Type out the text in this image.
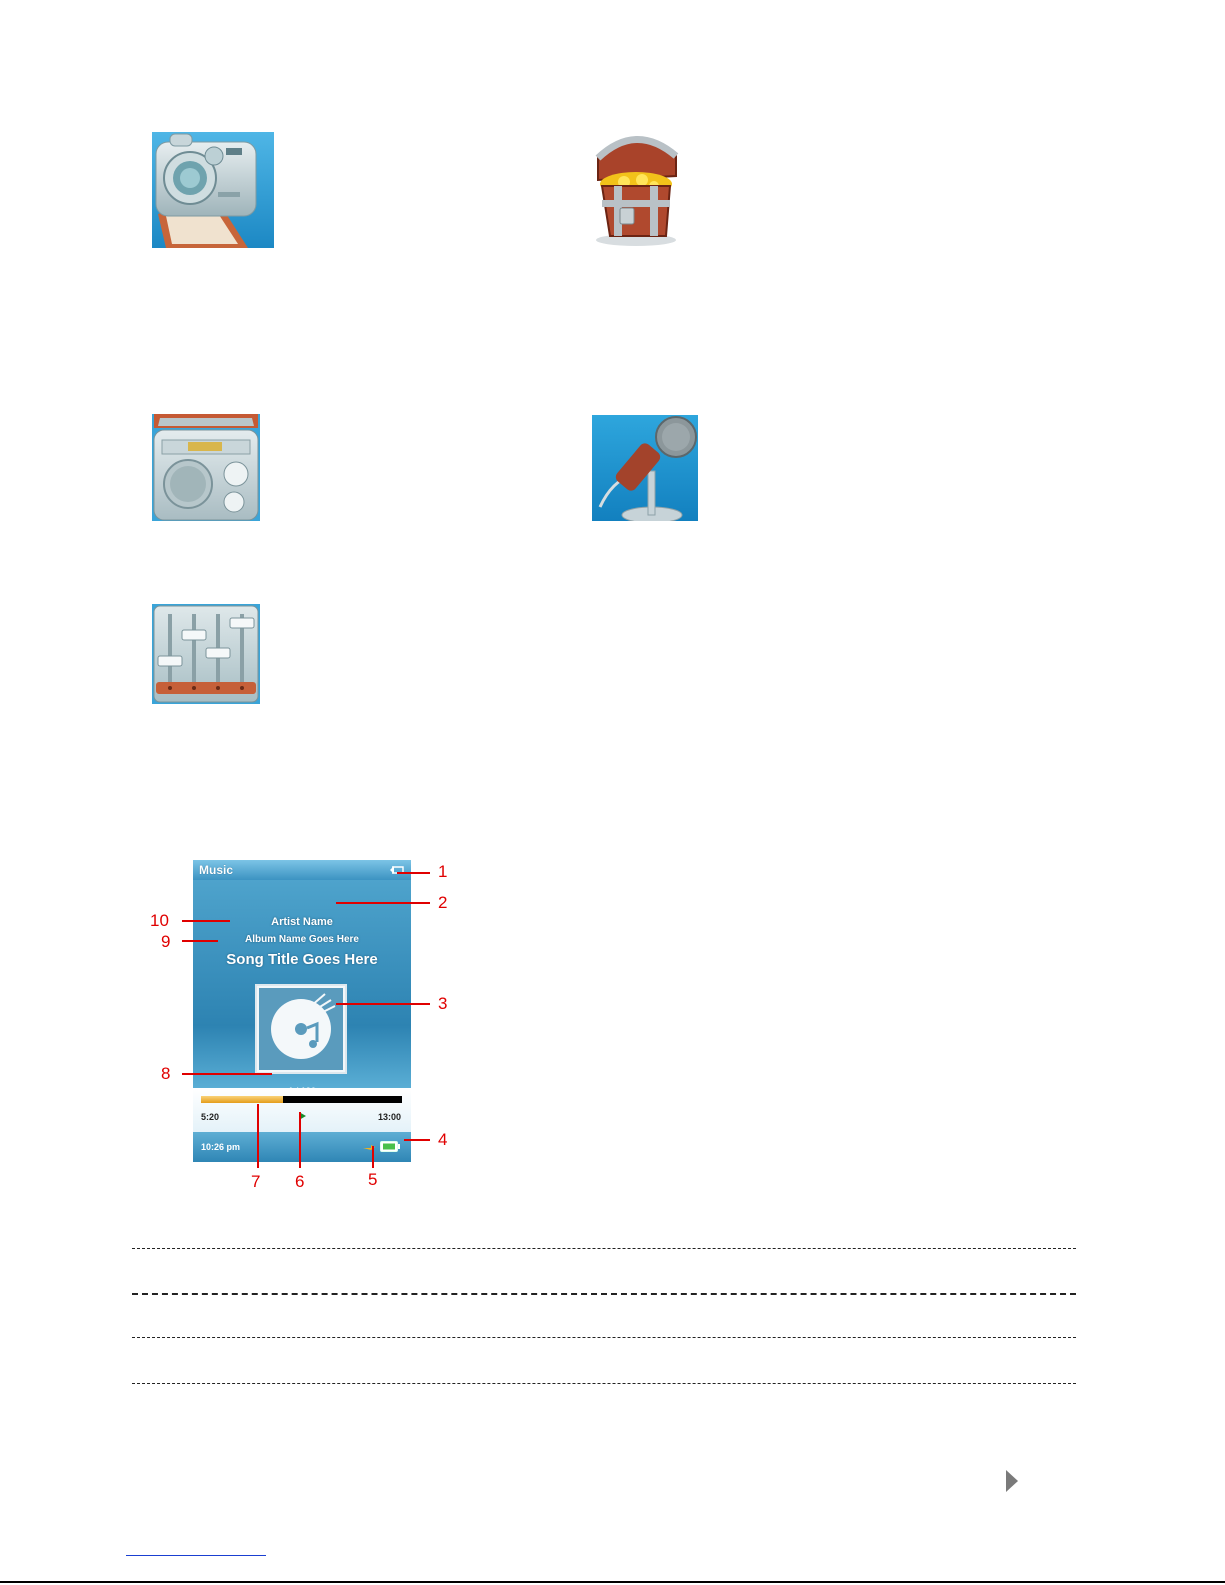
Music
Artist Name
Album Name Goes Here
Song Title Goes Here
5:20	13:00
10:26 pm
1
2
3
4
5
6
7
8
9
10
